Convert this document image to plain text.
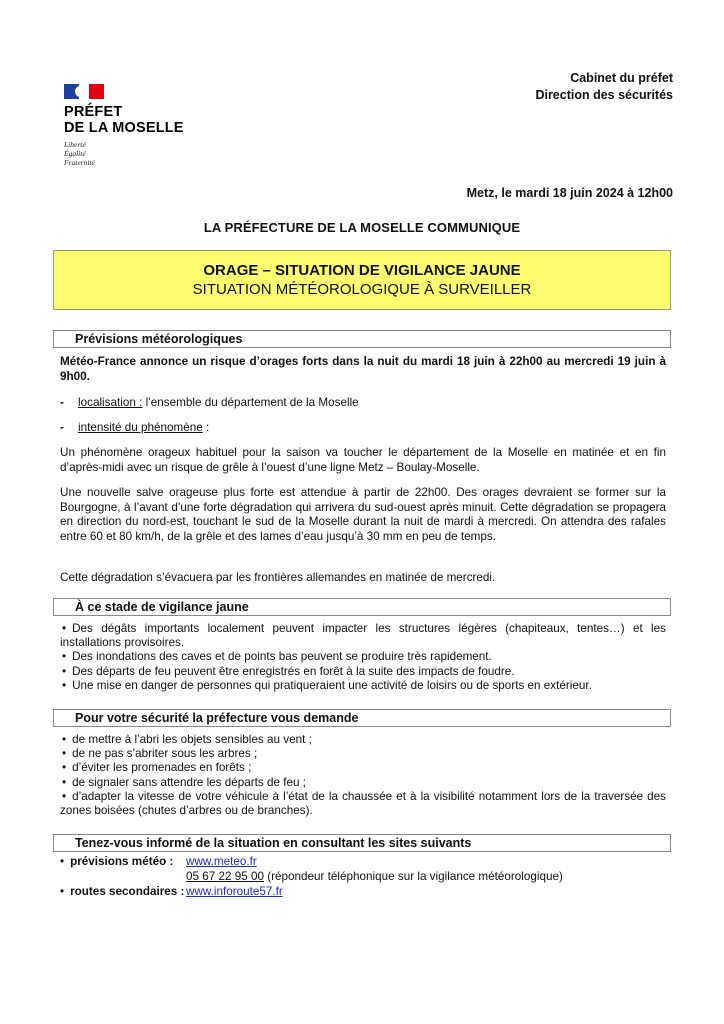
PRÉFET
DE LA MOSELLE
Liberté
Égalité
Fraternité
Cabinet du préfet
Direction des sécurités
Metz, le mardi 18 juin 2024 à 12h00
LA PRÉFECTURE DE LA MOSELLE COMMUNIQUE
ORAGE – SITUATION DE VIGILANCE JAUNE
SITUATION MÉTÉOROLOGIQUE À SURVEILLER
Prévisions météorologiques
Météo-France annonce un risque d’orages forts dans la nuit du mardi 18 juin à 22h00 au mercredi 19 juin à 9h00.
- localisation : l’ensemble du département de la Moselle
- intensité du phénomène :
Un phénomène orageux habituel pour la saison va toucher le département de la Moselle en matinée et en fin d’après-midi avec un risque de grêle à l’ouest d’une ligne Metz – Boulay-Moselle.
Une nouvelle salve orageuse plus forte est attendue à partir de 22h00. Des orages devraient se former sur la Bourgogne, à l’avant d’une forte dégradation qui arrivera du sud-ouest après minuit. Cette dégradation se propagera en direction du nord-est, touchant le sud de la Moselle durant la nuit de mardi à mercredi. On attendra des rafales entre 60 et 80 km/h, de la grêle et des lames d’eau jusqu’à 30 mm en peu de temps.
Cette dégradation s’évacuera par les frontières allemandes en matinée de mercredi.
À ce stade de vigilance jaune
• Des dégâts importants localement peuvent impacter les structures légères (chapiteaux, tentes…) et les installations provisoires.
• Des inondations des caves et de points bas peuvent se produire très rapidement.
• Des départs de feu peuvent être enregistrés en forêt à la suite des impacts de foudre.
• Une mise en danger de personnes qui pratiqueraient une activité de loisirs ou de sports en extérieur.
Pour votre sécurité la préfecture vous demande
• de mettre à l’abri les objets sensibles au vent ;
• de ne pas s’abriter sous les arbres ;
• d’éviter les promenades en forêts ;
• de signaler sans attendre les départs de feu ;
• d’adapter la vitesse de votre véhicule à l’état de la chaussée et à la visibilité notamment lors de la traversée des zones boisées (chutes d’arbres ou de branches).
Tenez-vous informé de la situation en consultant les sites suivants
• prévisions météo :	www.meteo.fr
05 67 22 95 00 (répondeur téléphonique sur la vigilance météorologique)
• routes secondaires : www.inforoute57.fr
